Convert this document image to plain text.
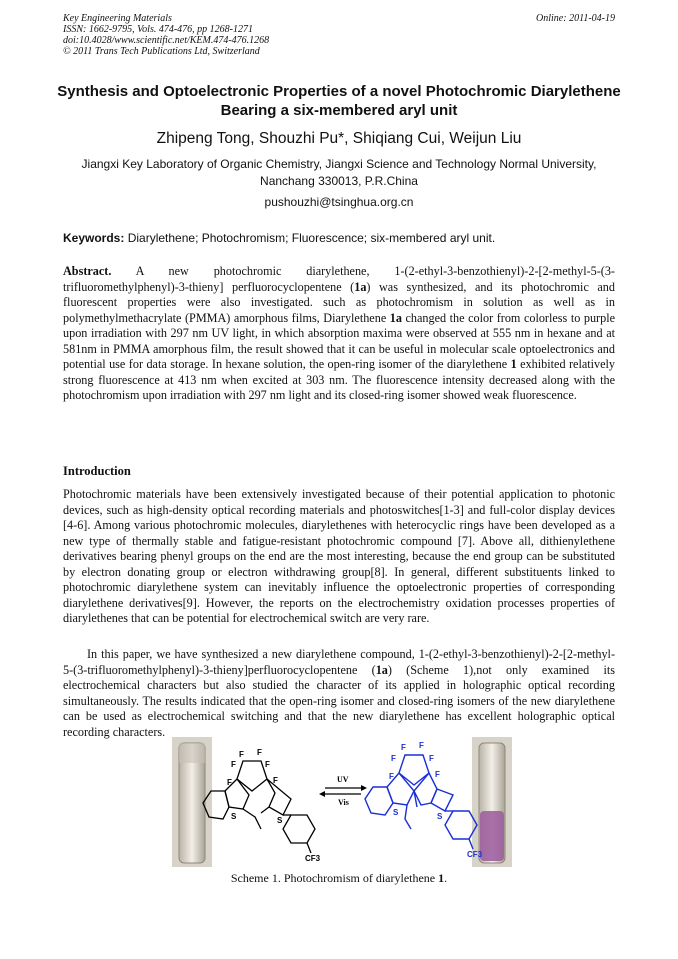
Key Engineering Materials
ISSN: 1662-9795, Vols. 474-476, pp 1268-1271
doi:10.4028/www.scientific.net/KEM.474-476.1268
© 2011 Trans Tech Publications Ltd, Switzerland
Online: 2011-04-19
Synthesis and Optoelectronic Properties of a novel Photochromic Diarylethene Bearing a six-membered aryl unit
Zhipeng Tong, Shouzhi Pu*, Shiqiang Cui, Weijun Liu
Jiangxi Key Laboratory of Organic Chemistry, Jiangxi Science and Technology Normal University, Nanchang 330013, P.R.China
pushouzhi@tsinghua.org.cn
Keywords: Diarylethene; Photochromism; Fluorescence; six-membered aryl unit.
Abstract. A new photochromic diarylethene, 1-(2-ethyl-3-benzothienyl)-2-[2-methyl-5-(3-trifluoromethylphenyl)-3-thieny] perfluorocyclopentene (1a) was synthesized, and its photochromic and fluorescent properties were also investigated. such as photochromism in solution as well as in polymethylmethacrylate (PMMA) amorphous films, Diarylethene 1a changed the color from colorless to purple upon irradiation with 297 nm UV light, in which absorption maxima were observed at 555 nm in hexane and at 581nm in PMMA amorphous film, the result showed that it can be useful in molecular scale optoelectronics and potential use for data storage. In hexane solution, the open-ring isomer of the diarylethene 1 exhibited relatively strong fluorescence at 413 nm when excited at 303 nm. The fluorescence intensity decreased along with the photochromism upon irradiation with 297 nm light and its closed-ring isomer showed weak fluorescence.
Introduction
Photochromic materials have been extensively investigated because of their potential application to photonic devices, such as high-density optical recording materials and photoswitches[1-3] and full-color display devices [4-6]. Among various photochromic molecules, diarylethenes with heterocyclic rings have been developed as a new type of thermally stable and fatigue-resistant photochromic compound [7]. Above all, dithienylethene derivatives bearing phenyl groups on the end are the most interesting, because the end group can be substituted by electron donating group or electron withdrawing group[8]. In general, different substituents linked to photochromic diarylethene system can inevitably influence the optoelectronic properties of corresponding diarylethene derivatives[9]. However, the reports on the electrochemistry oxidation processes properties of diarylethenes that can be potential for electrochemical switch are very rare.
In this paper, we have synthesized a new diarylethene compound, 1-(2-ethyl-3-benzothienyl)-2-[2-methyl-5-(3-trifluoromethylphenyl)-3-thieny]perfluorocyclopentene (1a) (Scheme 1),not only examined its electrochemical characters but also studied the character of its applied in holographic optical recording simultaneously. The results indicated that the open-ring isomer and closed-ring isomers of the new diarylethene can be used as electrochemical switching and that the new diarylethene has excellent holographic optical recording characters.
F F
F	F
F	F
S	S
CF3
UV
Vis
F F
F	F
F	F
S	S
CF3
Scheme 1. Photochromism of diarylethene 1.
